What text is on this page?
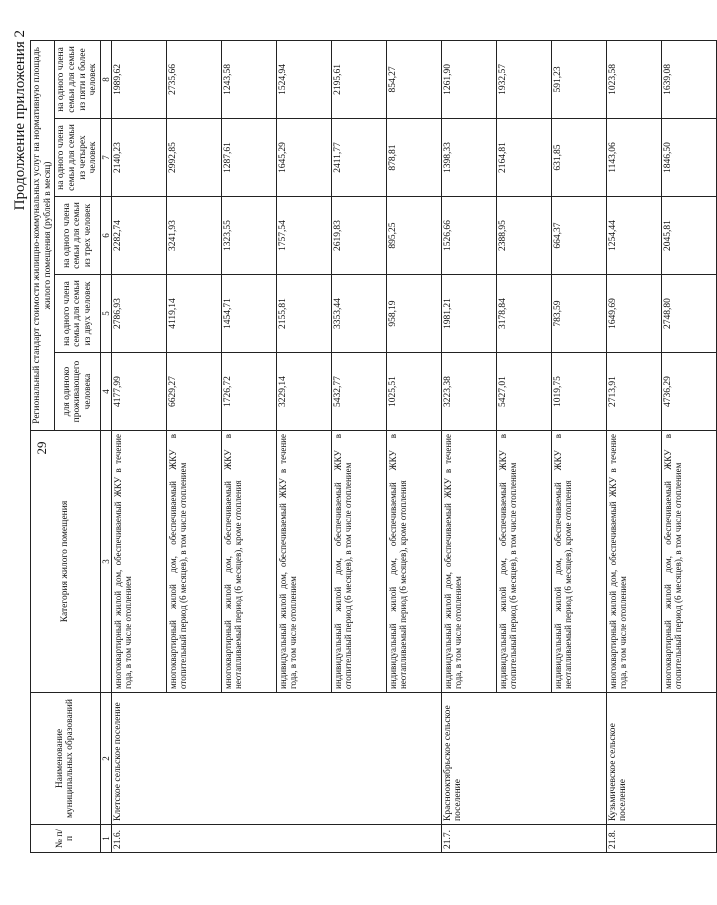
29
Продолжение приложения 2
№ п/п	Наименование муниципальных образований	Категория жилого помещения	Региональный стандарт стоимости жилищно-коммунальных услуг на нормативную площадь жилого помещения (рублей в месяц)				
			для одиноко проживающего человека	на одного члена семьи для семьи из двух человек	на одного члена семьи для семьи из трех человек	на одного члена семьи для семьи из четырех человек	на одного члена семьи для семьи из пяти и более человек
1	2	3	4	5	6	7	8
21.6.	Клетское сельское поселение	многоквартирный жилой дом, обеспечиваемый ЖКУ в течение года, в том числе отоплением	4177,99	2786,93	2282,74	2140,23	1989,62
		многоквартирный жилой дом, обеспечиваемый ЖКУ в отопительный период (6 месяцев), в том числе отоплением	6629,27	4119,14	3241,93	2992,85	2735,66
		многоквартирный жилой дом, обеспечиваемый ЖКУ в неотапливаемый период (6 месяцев), кроме отопления	1726,72	1454,71	1323,55	1287,61	1243,58
		индивидуальный жилой дом, обеспечиваемый ЖКУ в течение года, в том числе отоплением	3229,14	2155,81	1757,54	1645,29	1524,94
		индивидуальный жилой дом, обеспечиваемый ЖКУ в отопительный период (6 месяцев), в том числе отоплением	5432,77	3353,44	2619,83	2411,77	2195,61
		индивидуальный жилой дом, обеспечиваемый ЖКУ в неотапливаемый период (6 месяцев), кроме отопления	1025,51	958,19	895,25	878,81	854,27
21.7.	Краснооктябрьское сельское поселение	индивидуальный жилой дом, обеспечиваемый ЖКУ в течение года, в том числе отоплением	3223,38	1981,21	1526,66	1398,33	1261,90
		индивидуальный жилой дом, обеспечиваемый ЖКУ в отопительный период (6 месяцев), в том числе отоплением	5427,01	3178,84	2388,95	2164,81	1932,57
		индивидуальный жилой дом, обеспечиваемый ЖКУ в неотапливаемый период (6 месяцев), кроме отопления	1019,75	783,59	664,37	631,85	591,23
21.8.	Кузьмичевское сельское поселение	многоквартирный жилой дом, обеспечиваемый ЖКУ в течение года, в том числе отоплением	2713,91	1649,69	1254,44	1143,06	1023,58
		многоквартирный жилой дом, обеспечиваемый ЖКУ в отопительный период (6 месяцев), в том числе отоплением	4736,29	2748,80	2045,81	1846,50	1639,08
